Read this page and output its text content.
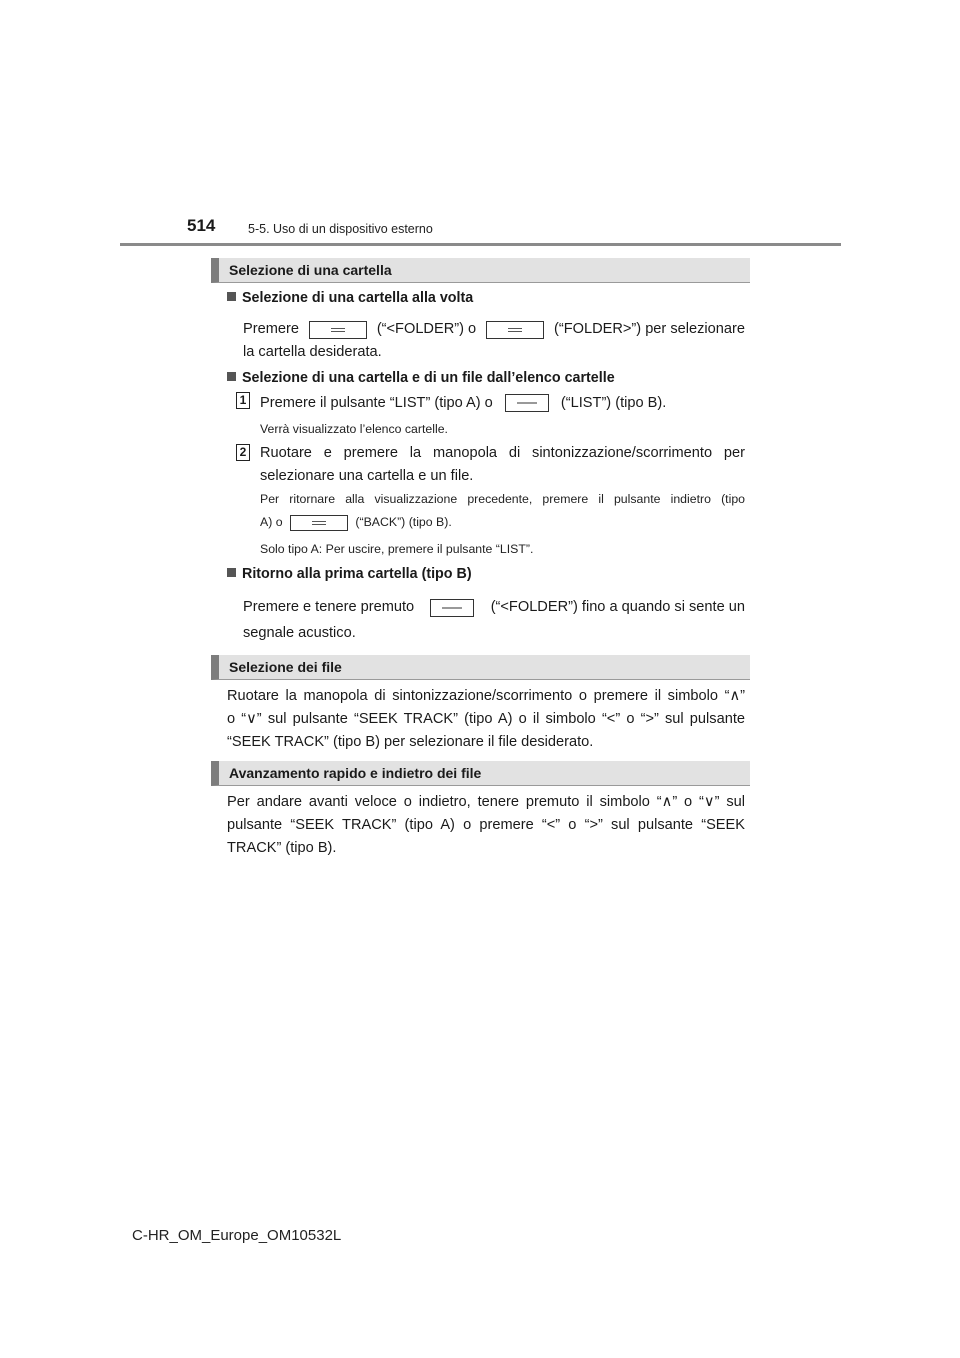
514	5-5. Uso di un dispositivo esterno
Selezione di una cartella
Selezione di una cartella alla volta
Premere	(“<FOLDER”) o	(“FOLDER>”) per selezionare
la cartella desiderata.
Selezione di una cartella e di un file dall’elenco cartelle
1 Premere il pulsante “LIST” (tipo A) o	(“LIST”) (tipo B).
Verrà visualizzato l’elenco cartelle.
2 Ruotare e premere la manopola di sintonizzazione/scorrimento per
selezionare una cartella e un file.
Per ritornare alla visualizzazione precedente, premere il pulsante indietro (tipo
A) o	(“BACK”) (tipo B).
Solo tipo A: Per uscire, premere il pulsante “LIST”.
Ritorno alla prima cartella (tipo B)
Premere e tenere premuto	(“<FOLDER”) fino a quando si sente un
segnale acustico.
Selezione dei file
Ruotare la manopola di sintonizzazione/scorrimento o premere il simbolo “∧”
o “∨” sul pulsante “SEEK TRACK” (tipo A) o il simbolo “<” o “>” sul pulsante
“SEEK TRACK” (tipo B) per selezionare il file desiderato.
Avanzamento rapido e indietro dei file
Per andare avanti veloce o indietro, tenere premuto il simbolo “∧” o “∨” sul
pulsante “SEEK TRACK” (tipo A) o premere “<” o “>” sul pulsante “SEEK
TRACK” (tipo B).
C-HR_OM_Europe_OM10532L
